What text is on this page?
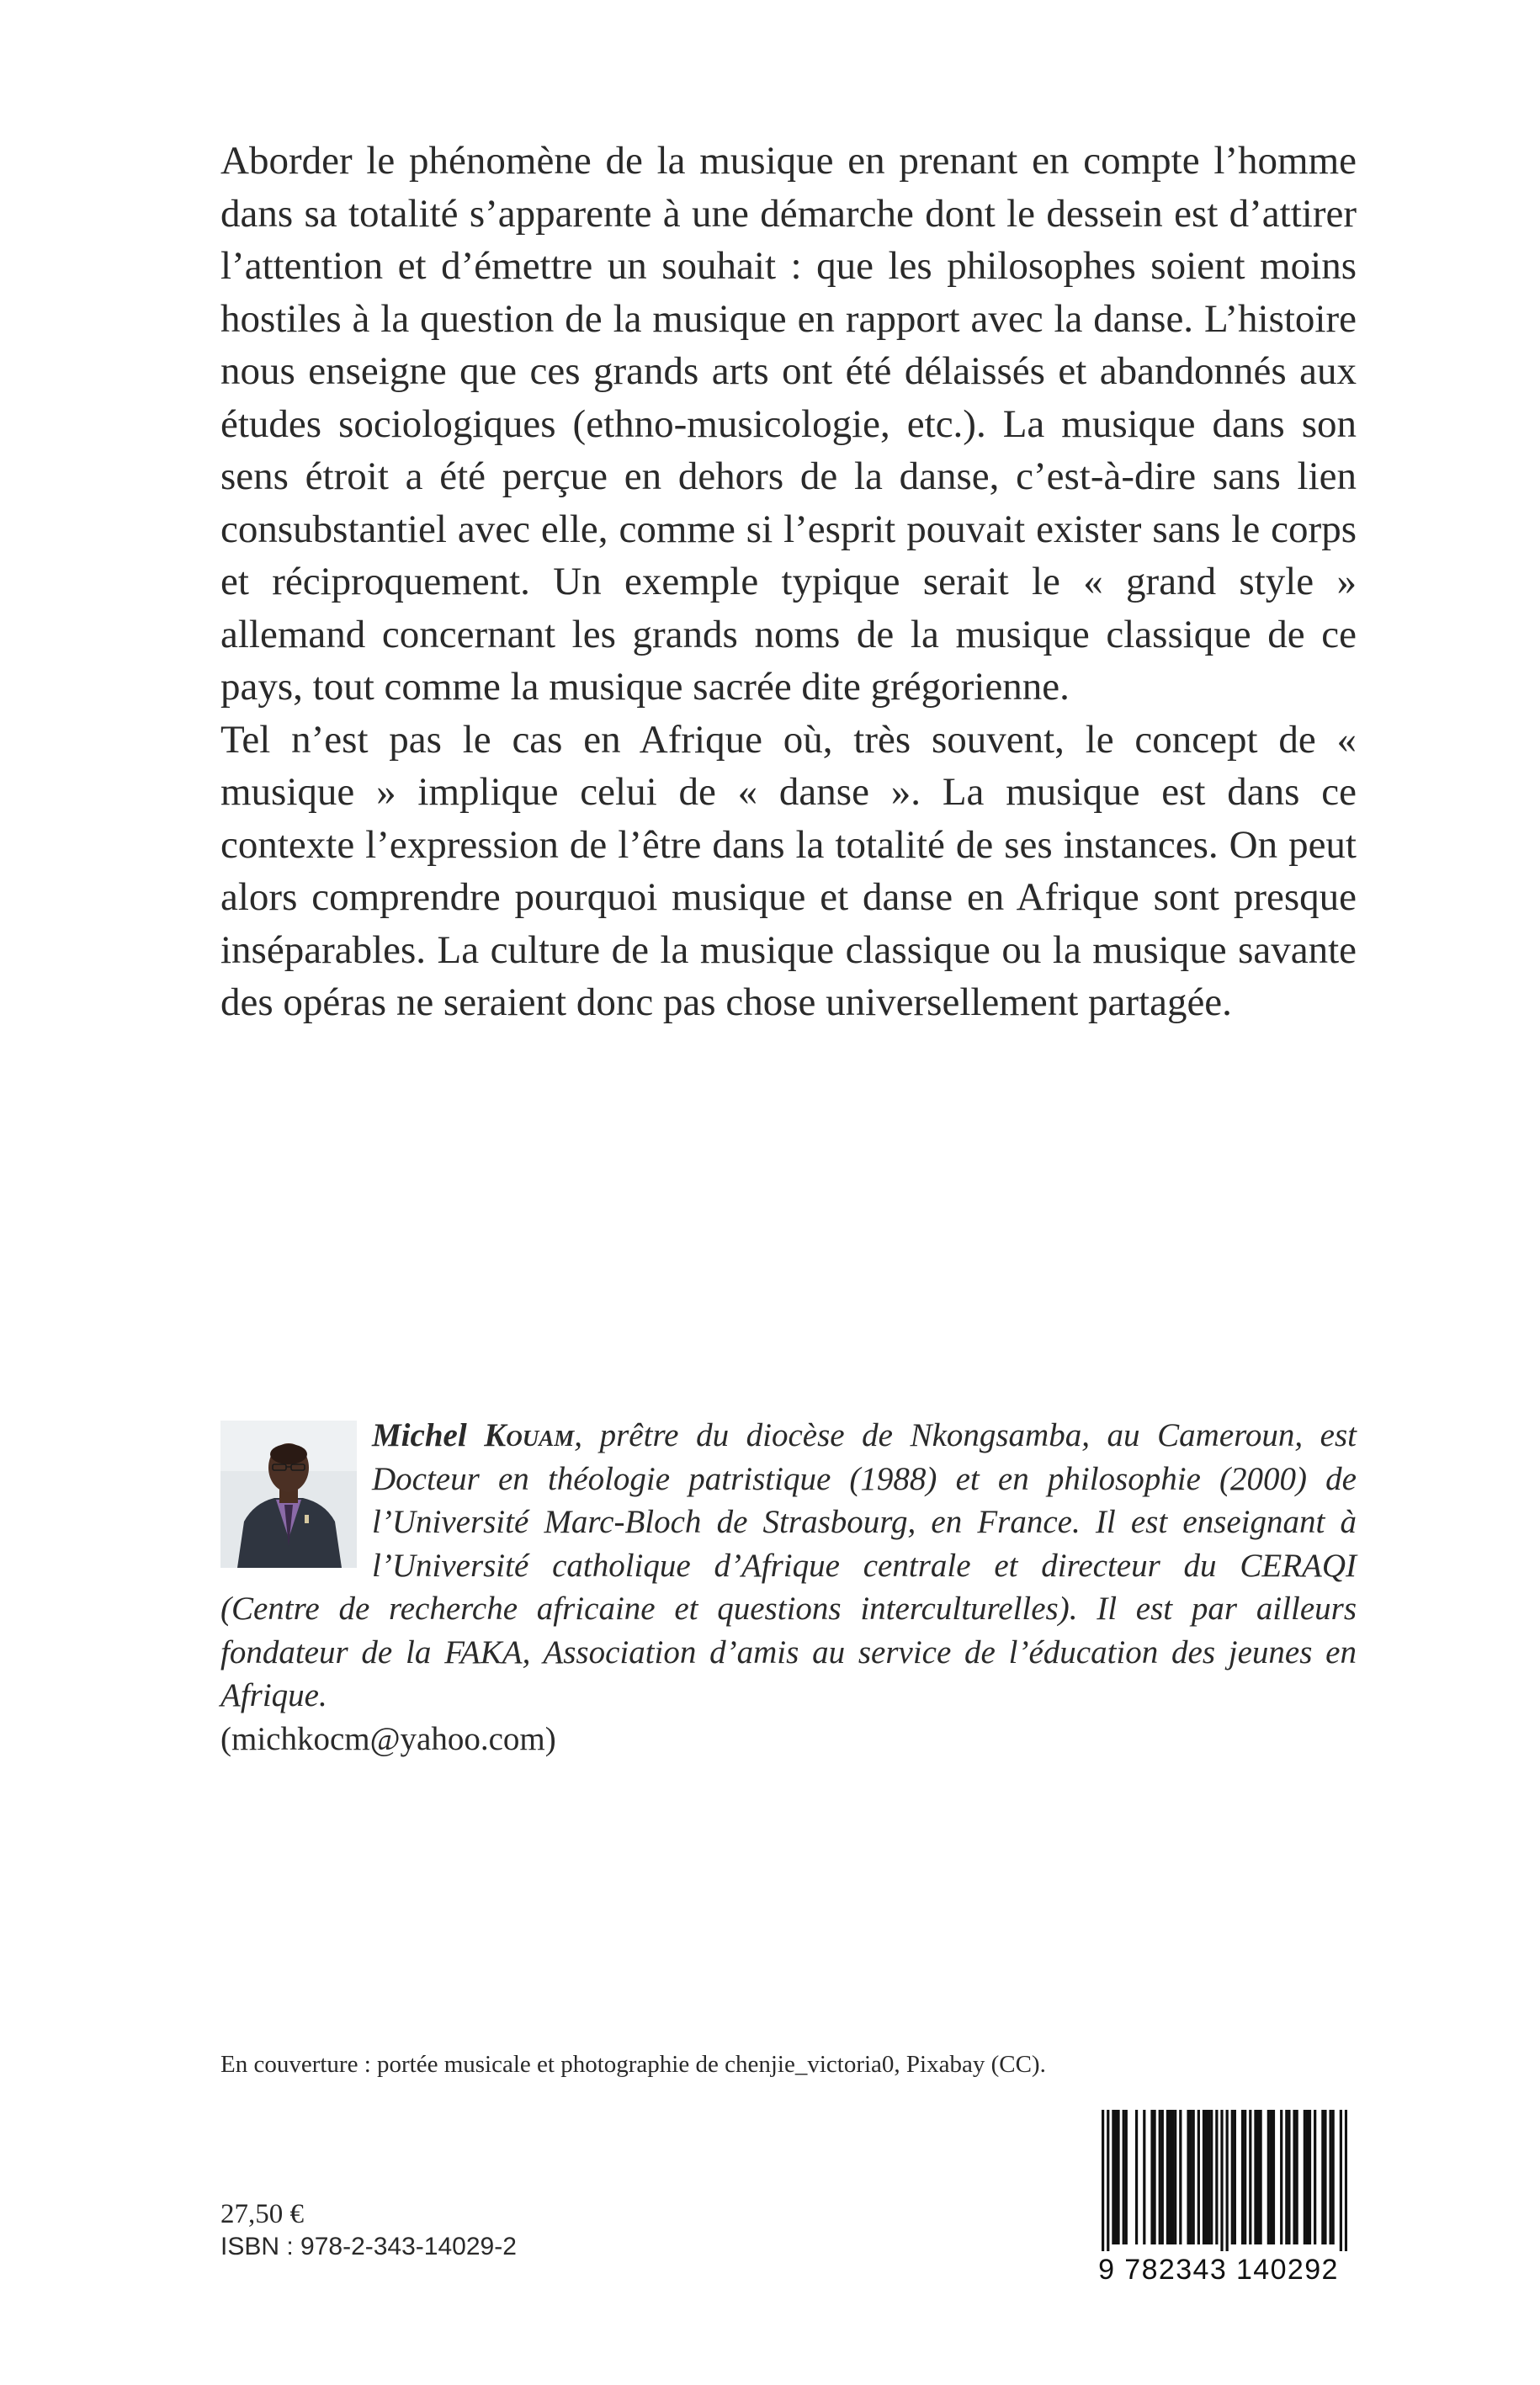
Aborder le phénomène de la musique en prenant en compte l’homme dans sa totalité s’apparente à une démarche dont le dessein est d’attirer l’attention et d’émettre un souhait : que les philosophes soient moins hostiles à la question de la musique en rapport avec la danse. L’histoire nous enseigne que ces grands arts ont été délaissés et abandonnés aux études sociologiques (ethno-musicologie, etc.). La musique dans son sens étroit a été perçue en dehors de la danse, c’est-à-dire sans lien consubstantiel avec elle, comme si l’esprit pouvait exister sans le corps et réciproquement. Un exemple typique serait le « grand style » allemand concernant les grands noms de la musique classique de ce pays, tout comme la musique sacrée dite grégorienne.

Tel n’est pas le cas en Afrique où, très souvent, le concept de « musique » implique celui de « danse ». La musique est dans ce contexte l’expression de l’être dans la totalité de ses instances. On peut alors comprendre pourquoi musique et danse en Afrique sont presque inséparables. La culture de la musique classique ou la musique savante des opéras ne seraient donc pas chose universellement partagée.

Michel Kouam, prêtre du diocèse de Nkongsamba, au Cameroun, est Docteur en théologie patristique (1988) et en philosophie (2000) de l’Université Marc-Bloch de Strasbourg, en France. Il est enseignant à l’Université catholique d’Afrique centrale et directeur du CERAQI (Centre de recherche africaine et questions interculturelles). Il est par ailleurs fondateur de la FAKA, Association d’amis au service de l’éducation des jeunes en Afrique.

(michkocm@yahoo.com)

En couverture : portée musicale et photographie de chenjie_victoria0, Pixabay (CC).
27,50 €
ISBN : 978-2-343-14029-2
9 782343 140292
